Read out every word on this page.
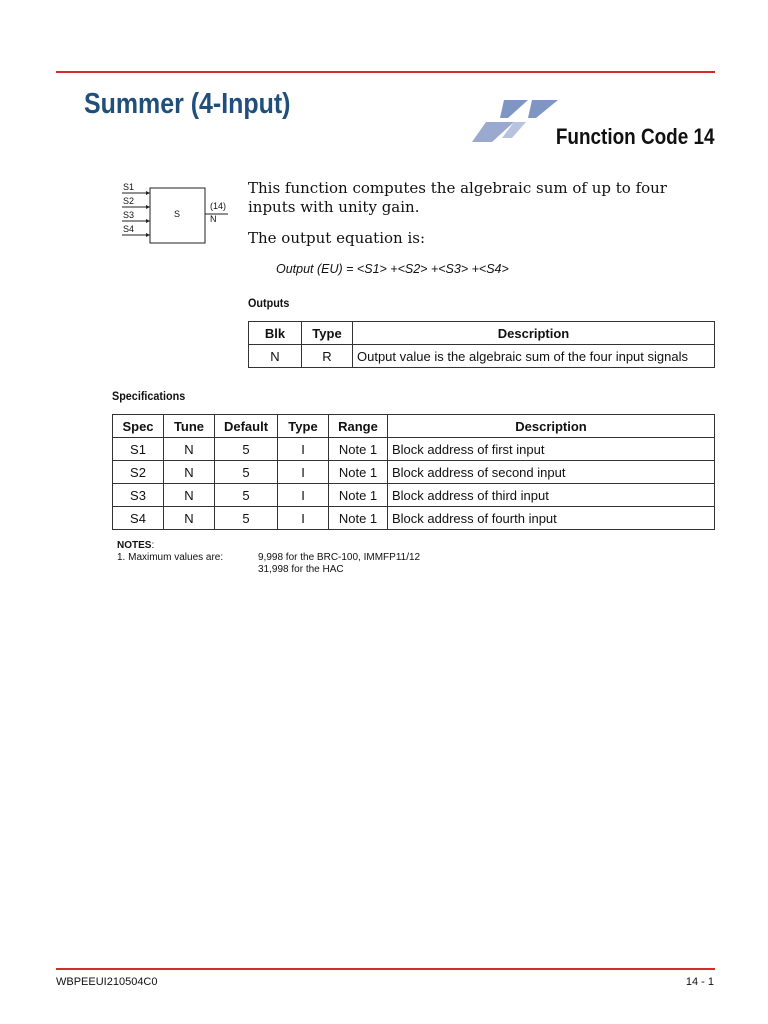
Summer (4-Input)
Function Code 14
S1
S2
S3
S4
S
(14)
N
This function computes the algebraic sum of up to four inputs with unity gain.
The output equation is:
Output (EU) = <S1> +<S2> +<S3> +<S4>
Outputs
Blk	Type	Description
N	R	Output value is the algebraic sum of the four input signals
Specifications
Spec	Tune	Default	Type	Range	Description
S1	N	5	I	Note 1	Block address of first input
S2	N	5	I	Note 1	Block address of second input
S3	N	5	I	Note 1	Block address of third input
S4	N	5	I	Note 1	Block address of fourth input
NOTES:
1. Maximum values are:	9,998 for the BRC-100, IMMFP11/12
31,998 for the HAC
WBPEEUI210504C0	14 - 1
